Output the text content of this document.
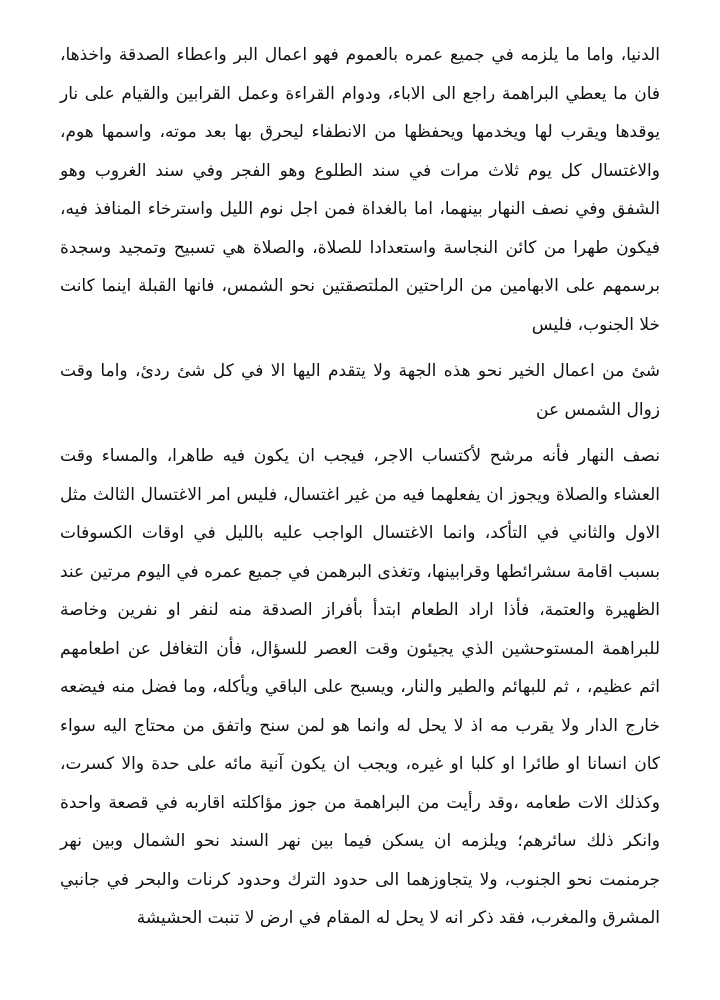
الدنيا، واما ما يلزمه في جميع عمره بالعموم فهو اعمال البر واعطاء الصدقة واخذها، فان ما يعطي البراهمة راجع الى الاباء، ودوام القراءة وعمل القرابين والقيام على نار يوقدها ويقرب لها ويخدمها ويحفظها من الانطفاء ليحرق بها بعد موته، واسمها هوم، والاغتسال كل يوم ثلاث مرات في سند الطلوع وهو الفجر وفي سند الغروب وهو الشفق وفي نصف النهار بينهما، اما بالغداة فمن اجل نوم الليل واسترخاء المنافذ فيه، فيكون طهرا من كائن النجاسة واستعدادا للصلاة، والصلاة هي تسبيح وتمجيد وسجدة برسمهم على الابهامين من الراحتين الملتصقتين نحو الشمس، فانها القبلة اينما كانت خلا الجنوب، فليس

شئ من اعمال الخير نحو هذه الجهة ولا يتقدم اليها الا في كل شئ ردئ، واما وقت زوال الشمس عن

نصف النهار فأنه مرشح لأكتساب الاجر، فيجب ان يكون فيه طاهرا، والمساء وقت العشاء والصلاة ويجوز ان يفعلهما فيه من غير اغتسال، فليس امر الاغتسال الثالث مثل الاول والثاني في التأكد، وانما الاغتسال الواجب عليه بالليل في اوقات الكسوفات بسبب اقامة سشرائطها وقرابينها، وتغذى البرهمن في جميع عمره في اليوم مرتين عند الظهيرة والعتمة، فأذا اراد الطعام ابتدأ بأفراز الصدقة منه لنفر او نفرين وخاصة للبراهمة المستوحشين الذي يجيئون وقت العصر للسؤال، فأن التغافل عن اطعامهم اثم عظيم، ، ثم للبهائم والطير والنار، ويسبح على الباقي ويأكله، وما فضل منه فيضعه خارج الدار ولا يقرب مه اذ لا يحل له وانما هو لمن سنح واتفق من محتاج اليه سواء كان انسانا او طائرا او كلبا او غيره، ويجب ان يكون آنية مائه على حدة والا كسرت، وكذلك الات طعامه ،وقد رأيت من البراهمة من جوز مؤاكلته اقاربه في قصعة واحدة وانكر ذلك سائرهم؛ ويلزمه ان يسكن فيما بين نهر السند نحو الشمال وبين نهر جرمنمت نحو الجنوب، ولا يتجاوزهما الى حدود الترك وحدود كرنات والبحر في جانبي المشرق والمغرب، فقد ذكر انه لا يحل له المقام في ارض لا تنبت الحشيشة
